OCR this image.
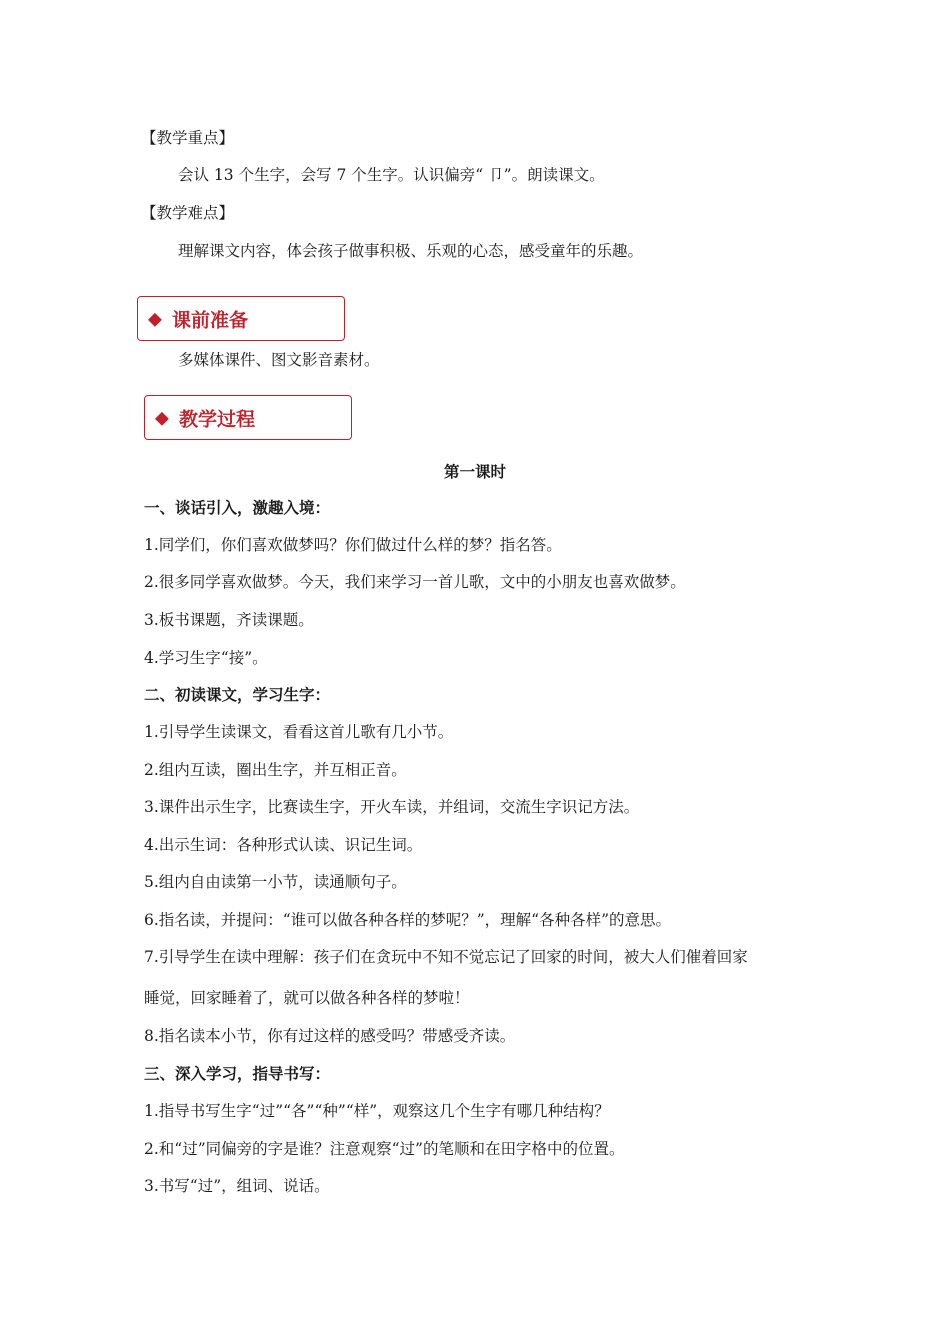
【教学重点】
会认 13 个生字，会写 7 个生字。认识偏旁“ 卩”。朗读课文。
【教学难点】
理解课文内容，体会孩子做事积极、乐观的心态，感受童年的乐趣。
◆ 课前准备
多媒体课件、图文影音素材。
◆ 教学过程
第一课时
一、谈话引入，激趣入境：
1.同学们，你们喜欢做梦吗？你们做过什么样的梦？指名答。
2.很多同学喜欢做梦。今天，我们来学习一首儿歌，文中的小朋友也喜欢做梦。
3.板书课题，齐读课题。
4.学习生字“接”。
二、初读课文，学习生字：
1.引导学生读课文，看看这首儿歌有几小节。
2.组内互读，圈出生字，并互相正音。
3.课件出示生字，比赛读生字，开火车读，并组词，交流生字识记方法。
4.出示生词：各种形式认读、识记生词。
5.组内自由读第一小节，读通顺句子。
6.指名读，并提问：“谁可以做各种各样的梦呢？”，理解“各种各样”的意思。
7.引导学生在读中理解：孩子们在贪玩中不知不觉忘记了回家的时间，被大人们催着回家
睡觉，回家睡着了，就可以做各种各样的梦啦！
8.指名读本小节，你有过这样的感受吗？带感受齐读。
三、深入学习，指导书写：
1.指导书写生字“过”“各”“种”“样”，观察这几个生字有哪几种结构？
2.和“过”同偏旁的字是谁？注意观察“过”的笔顺和在田字格中的位置。
3.书写“过”，组词、说话。
